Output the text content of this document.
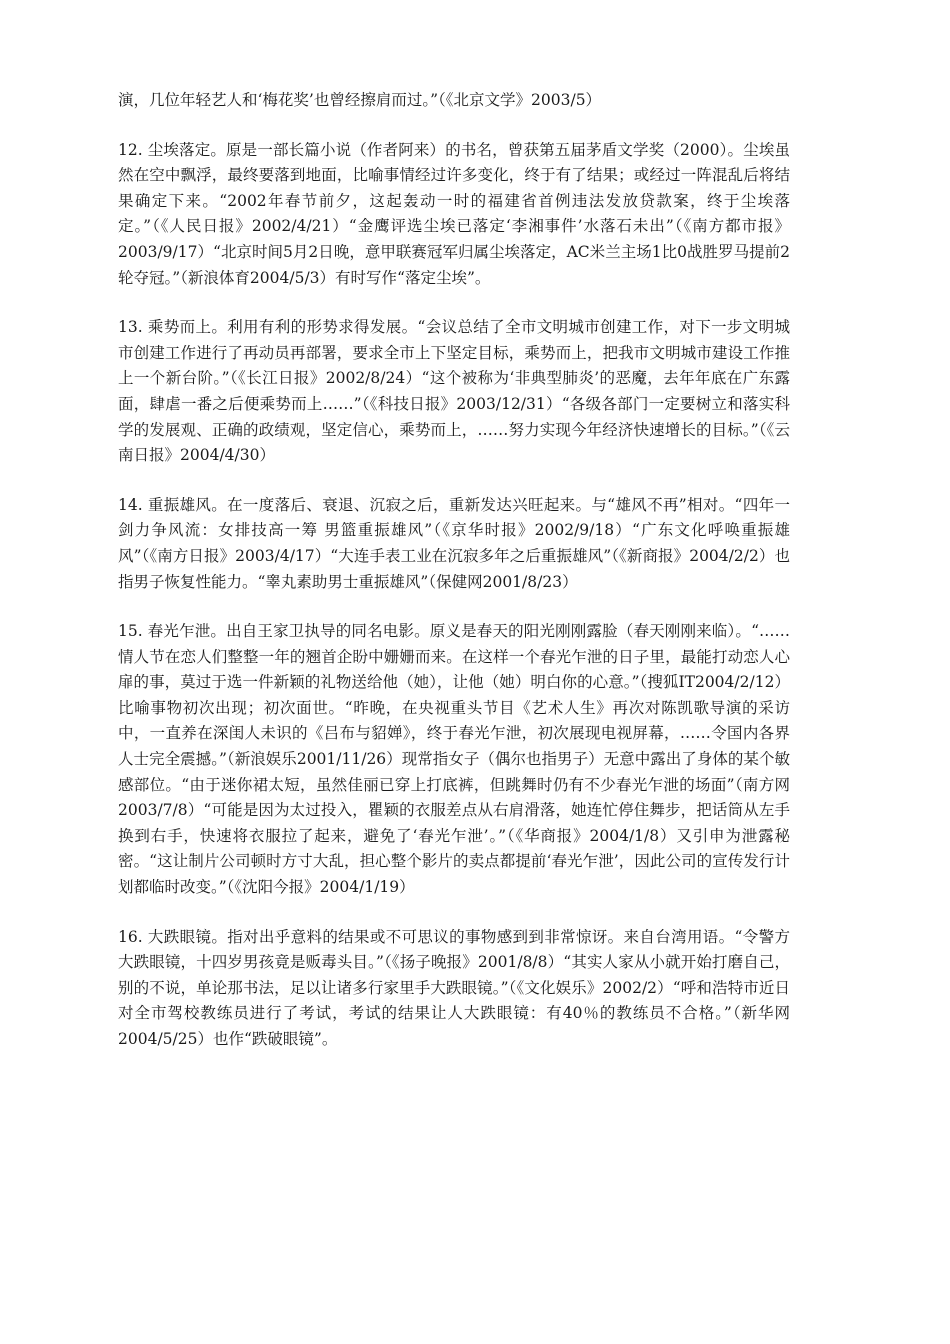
演，几位年轻艺人和‘梅花奖’也曾经擦肩而过。”（《北京文学》2003/5）

12. 尘埃落定。原是一部长篇小说（作者阿来）的书名，曾获第五届茅盾文学奖（2000）。尘埃虽然在空中飘浮，最终要落到地面，比喻事情经过许多变化，终于有了结果；或经过一阵混乱后将结果确定下来。“2002年春节前夕，这起轰动一时的福建省首例违法发放贷款案，终于尘埃落定。”（《人民日报》2002/4/21）“金鹰评选尘埃已落定‘李湘事件’水落石未出”（《南方都市报》2003/9/17）“北京时间5月2日晚，意甲联赛冠军归属尘埃落定，AC米兰主场1比0战胜罗马提前2轮夺冠。”（新浪体育2004/5/3）有时写作“落定尘埃”。

13. 乘势而上。利用有利的形势求得发展。“会议总结了全市文明城市创建工作，对下一步文明城市创建工作进行了再动员再部署，要求全市上下坚定目标，乘势而上，把我市文明城市建设工作推上一个新台阶。”（《长江日报》2002/8/24）“这个被称为‘非典型肺炎’的恶魔，去年年底在广东露面，肆虐一番之后便乘势而上……”（《科技日报》2003/12/31）“各级各部门一定要树立和落实科学的发展观、正确的政绩观，坚定信心，乘势而上，……努力实现今年经济快速增长的目标。”（《云南日报》2004/4/30）

14. 重振雄风。在一度落后、衰退、沉寂之后，重新发达兴旺起来。与“雄风不再”相对。“四年一剑力争风流：女排技高一筹 男篮重振雄风”（《京华时报》2002/9/18）“广东文化呼唤重振雄风”（《南方日报》2003/4/17）“大连手表工业在沉寂多年之后重振雄风”（《新商报》2004/2/2）也指男子恢复性能力。“睾丸素助男士重振雄风”（保健网2001/8/23）

15. 春光乍泄。出自王家卫执导的同名电影。原义是春天的阳光刚刚露脸（春天刚刚来临）。“……情人节在恋人们整整一年的翘首企盼中姗姗而来。在这样一个春光乍泄的日子里，最能打动恋人心扉的事，莫过于选一件新颖的礼物送给他（她），让他（她）明白你的心意。”（搜狐IT2004/2/12）比喻事物初次出现；初次面世。“昨晚，在央视重头节目《艺术人生》再次对陈凯歌导演的采访中，一直养在深闺人未识的《吕布与貂婵》，终于春光乍泄，初次展现电视屏幕，……令国内各界人士完全震撼。”（新浪娱乐2001/11/26）现常指女子（偶尔也指男子）无意中露出了身体的某个敏感部位。“由于迷你裙太短，虽然佳丽已穿上打底裤，但跳舞时仍有不少春光乍泄的场面”（南方网2003/7/8）“可能是因为太过投入，瞿颖的衣服差点从右肩滑落，她连忙停住舞步，把话筒从左手换到右手，快速将衣服拉了起来，避免了‘春光乍泄’。”（《华商报》2004/1/8）又引申为泄露秘密。“这让制片公司顿时方寸大乱，担心整个影片的卖点都提前‘春光乍泄’，因此公司的宣传发行计划都临时改变。”（《沈阳今报》2004/1/19）

16. 大跌眼镜。指对出乎意料的结果或不可思议的事物感到到非常惊讶。来自台湾用语。“令警方大跌眼镜，十四岁男孩竟是贩毒头目。”（《扬子晚报》2001/8/8）“其实人家从小就开始打磨自己，别的不说，单论那书法，足以让诸多行家里手大跌眼镜。”（《文化娱乐》2002/2）“呼和浩特市近日对全市驾校教练员进行了考试，考试的结果让人大跌眼镜：有40％的教练员不合格。”（新华网2004/5/25）也作“跌破眼镜”。
